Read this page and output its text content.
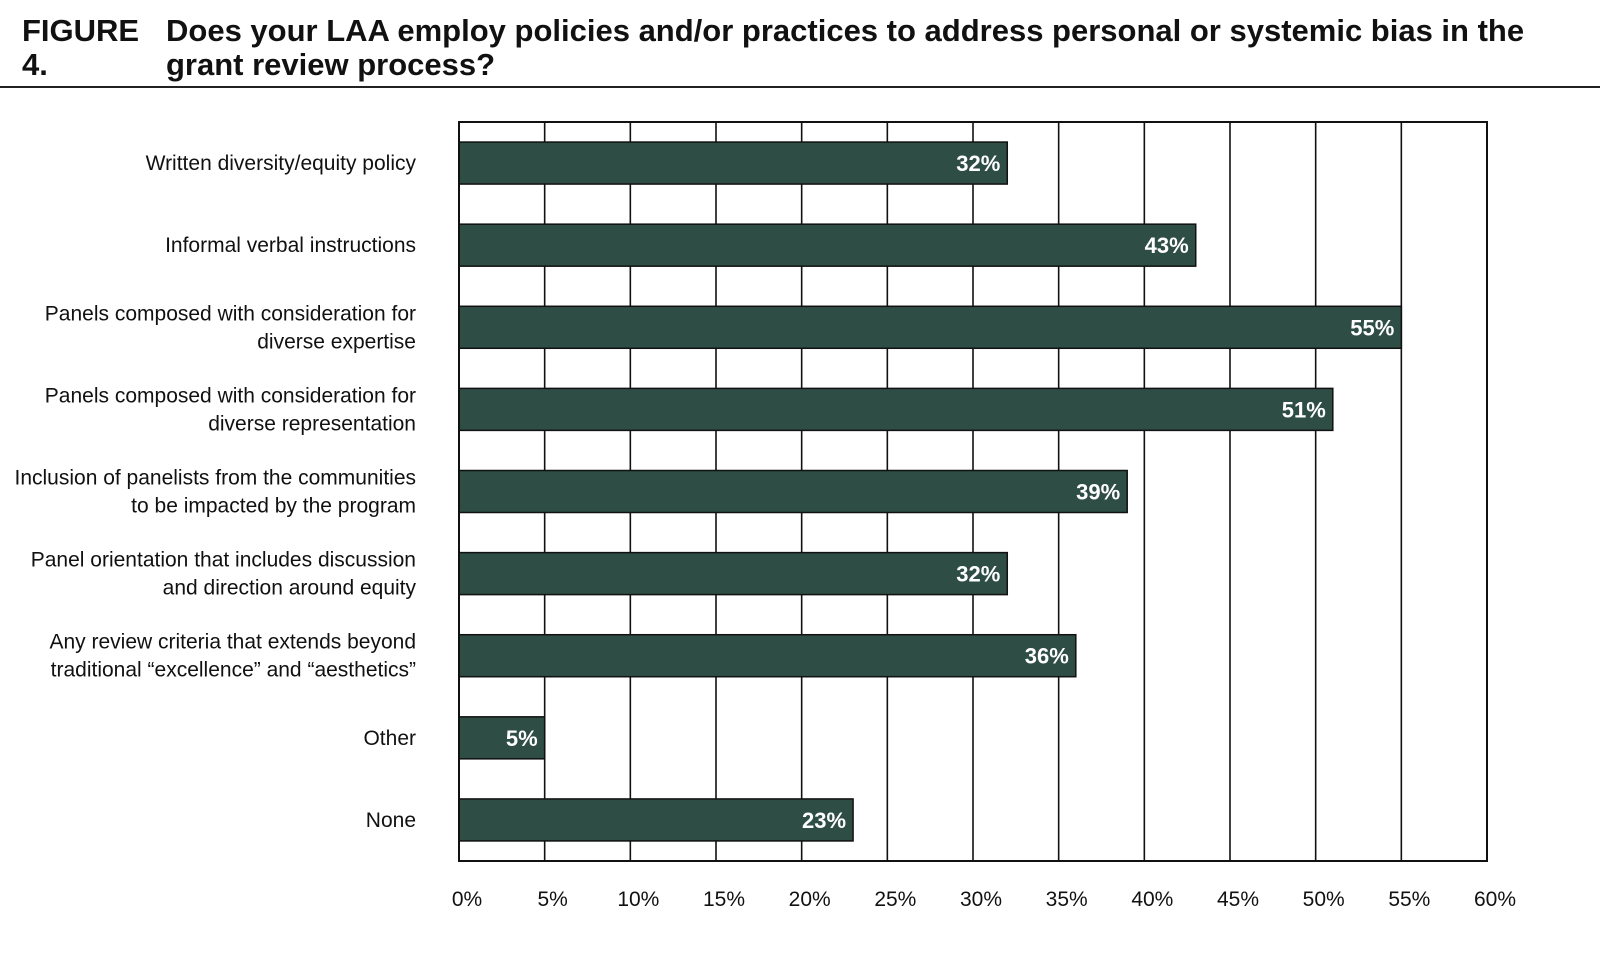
FIGURE 4.
Does your LAA employ policies and/or practices to address personal or systemic bias in the grant review process?
32%
43%
55%
51%
39%
32%
36%
5%
23%
Written diversity/equity policy
Informal verbal instructions
Panels composed with consideration for diverse expertise
Panels composed with consideration for diverse representation
Inclusion of panelists from the communities to be impacted by the program
Panel orientation that includes discussion and direction around equity
Any review criteria that extends beyond traditional “excellence” and “aesthetics”
Other
None
0%	5% 10% 15% 20% 25% 30% 35% 40% 45% 50% 55% 60%
